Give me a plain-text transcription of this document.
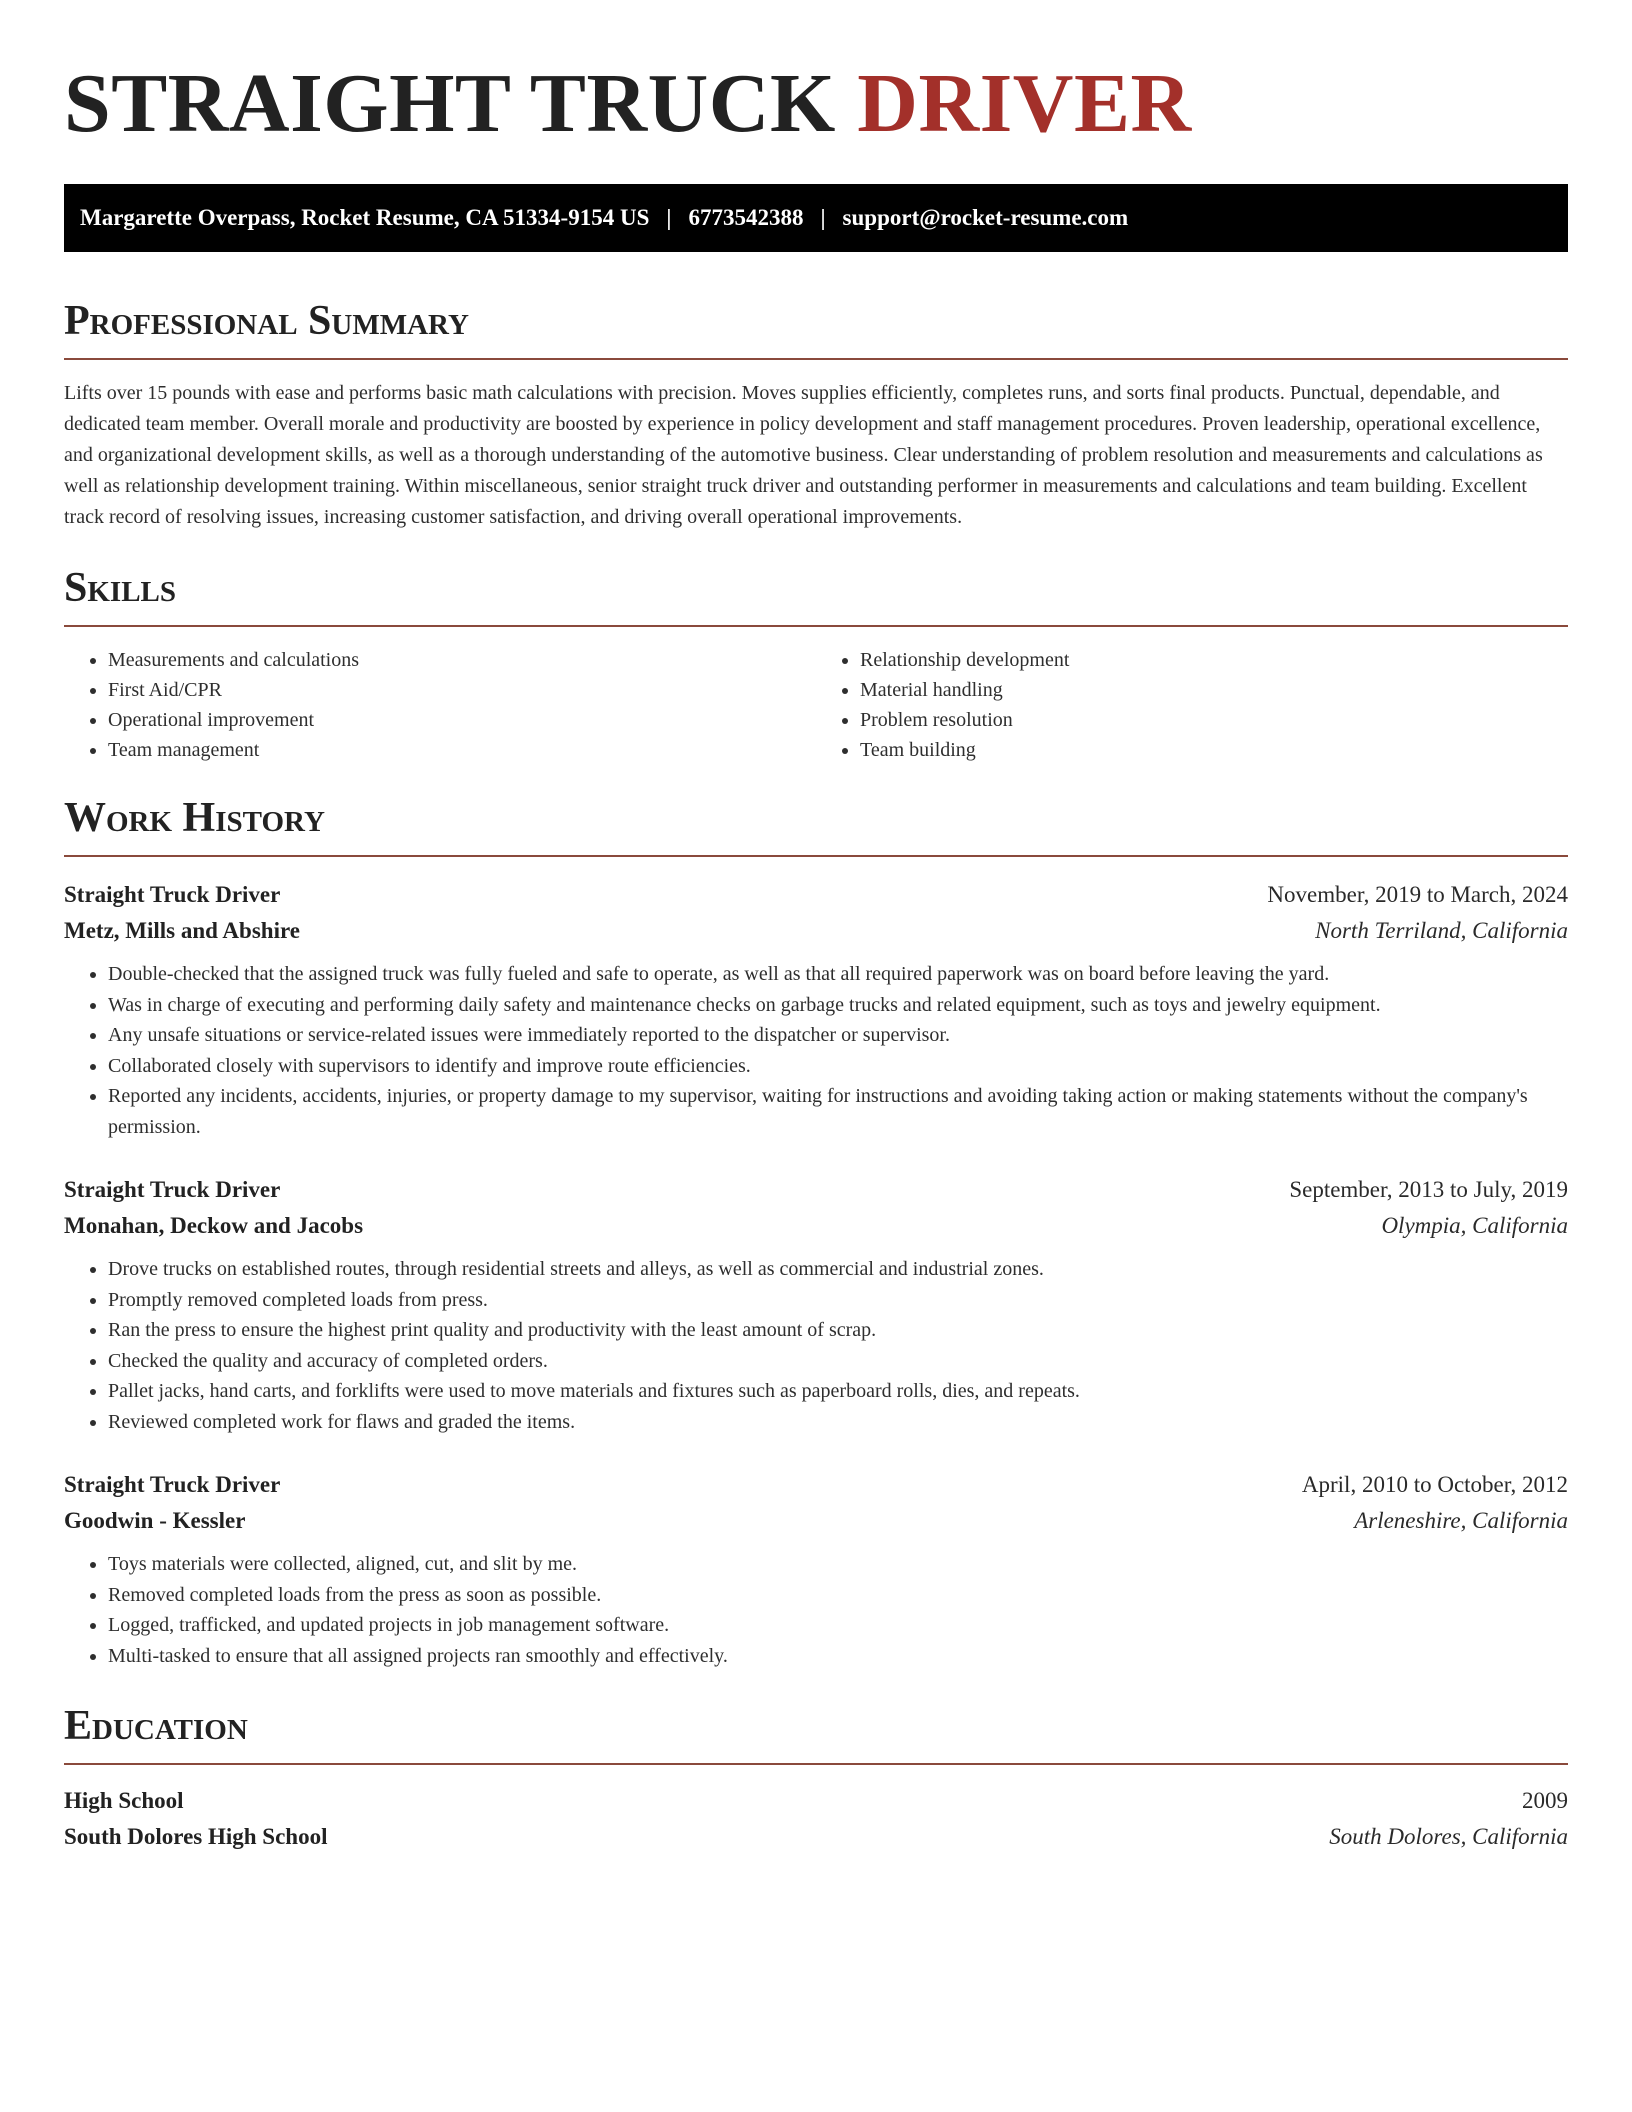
STRAIGHT TRUCK DRIVER
Margarette Overpass, Rocket Resume, CA 51334-9154 US | 6773542388 | support@rocket-resume.com
Professional Summary

Lifts over 15 pounds with ease and performs basic math calculations with precision. Moves supplies efficiently, completes runs, and sorts final products. Punctual, dependable, and dedicated team member. Overall morale and productivity are boosted by experience in policy development and staff management procedures. Proven leadership, operational excellence, and organizational development skills, as well as a thorough understanding of the automotive business. Clear understanding of problem resolution and measurements and calculations as well as relationship development training. Within miscellaneous, senior straight truck driver and outstanding performer in measurements and calculations and team building. Excellent track record of resolving issues, increasing customer satisfaction, and driving overall operational improvements.

Skills
• Measurements and calculations
• First Aid/CPR
• Operational improvement
• Team management
• Relationship development
• Material handling
• Problem resolution
• Team building
Work History
Straight Truck Driver	November, 2019 to March, 2024
Metz, Mills and Abshire	North Terriland, California
• Double-checked that the assigned truck was fully fueled and safe to operate, as well as that all required paperwork was on board before leaving the yard.
• Was in charge of executing and performing daily safety and maintenance checks on garbage trucks and related equipment, such as toys and jewelry equipment.
• Any unsafe situations or service-related issues were immediately reported to the dispatcher or supervisor.
• Collaborated closely with supervisors to identify and improve route efficiencies.
• Reported any incidents, accidents, injuries, or property damage to my supervisor, waiting for instructions and avoiding taking action or making statements without the company's permission.
Straight Truck Driver	September, 2013 to July, 2019
Monahan, Deckow and Jacobs	Olympia, California
• Drove trucks on established routes, through residential streets and alleys, as well as commercial and industrial zones.
• Promptly removed completed loads from press.
• Ran the press to ensure the highest print quality and productivity with the least amount of scrap.
• Checked the quality and accuracy of completed orders.
• Pallet jacks, hand carts, and forklifts were used to move materials and fixtures such as paperboard rolls, dies, and repeats.
• Reviewed completed work for flaws and graded the items.
Straight Truck Driver	April, 2010 to October, 2012
Goodwin - Kessler	Arleneshire, California
• Toys materials were collected, aligned, cut, and slit by me.
• Removed completed loads from the press as soon as possible.
• Logged, trafficked, and updated projects in job management software.
• Multi-tasked to ensure that all assigned projects ran smoothly and effectively.
Education
High School	2009
South Dolores High School	South Dolores, California
